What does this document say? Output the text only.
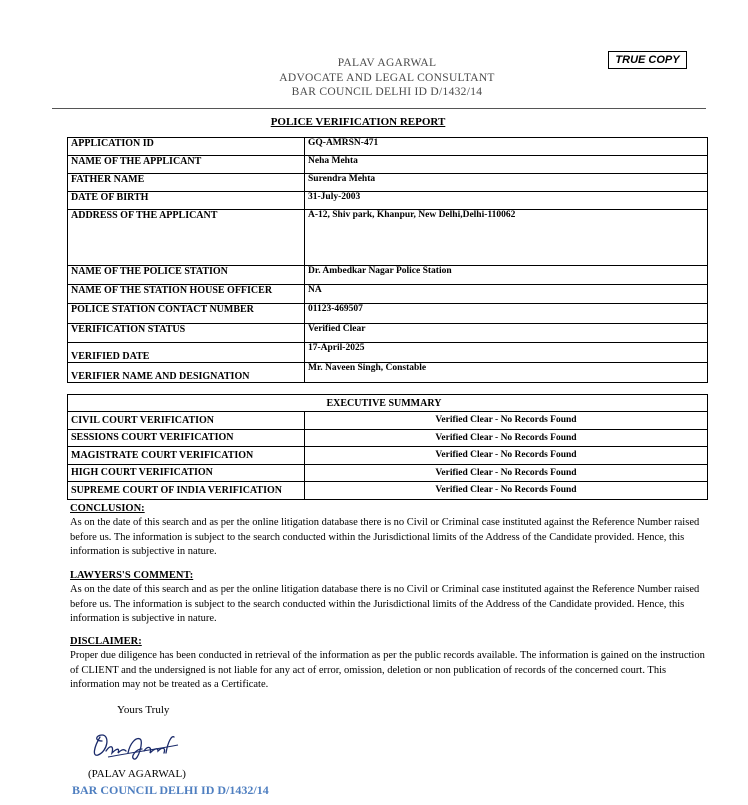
PALAV AGARWAL
ADVOCATE AND LEGAL CONSULTANT
BAR COUNCIL DELHI ID D/1432/14
TRUE COPY
POLICE VERIFICATION REPORT
APPLICATION ID	GQ-AMRSN-471
NAME OF THE APPLICANT	Neha Mehta
FATHER NAME	Surendra Mehta
DATE OF BIRTH	31-July-2003
ADDRESS OF THE APPLICANT	A-12, Shiv park, Khanpur, New Delhi,Delhi-110062
NAME OF THE POLICE STATION	Dr. Ambedkar Nagar Police Station
NAME OF THE STATION HOUSE OFFICER	NA
POLICE STATION CONTACT NUMBER	01123-469507
VERIFICATION STATUS	Verified Clear
VERIFIED DATE	17-April-2025
VERIFIER NAME AND DESIGNATION	Mr. Naveen Singh, Constable
	EXECUTIVE SUMMARY
CIVIL COURT VERIFICATION	Verified Clear - No Records Found
SESSIONS COURT VERIFICATION	Verified Clear - No Records Found
MAGISTRATE COURT VERIFICATION	Verified Clear - No Records Found
HIGH COURT VERIFICATION	Verified Clear - No Records Found
SUPREME COURT OF INDIA VERIFICATION	Verified Clear - No Records Found
CONCLUSION:

As on the date of this search and as per the online litigation database there is no Civil or Criminal case instituted against the Reference Number raised before us. The information is subject to the search conducted within the Jurisdictional limits of the Address of the Candidate provided. Hence, this information is subjective in nature.

LAWYERS'S COMMENT:

As on the date of this search and as per the online litigation database there is no Civil or Criminal case instituted against the Reference Number raised before us. The information is subject to the search conducted within the Jurisdictional limits of the Address of the Candidate provided. Hence, this information is subjective in nature.

DISCLAIMER:

Proper due diligence has been conducted in retrieval of the information as per the public records available. The information is gained on the instruction of CLIENT and the undersigned is not liable for any act of error, omission, deletion or non publication of records of the concerned court. This information may not be treated as a Certificate.

Yours Truly
(PALAV AGARWAL)
BAR COUNCIL DELHI ID D/1432/14
